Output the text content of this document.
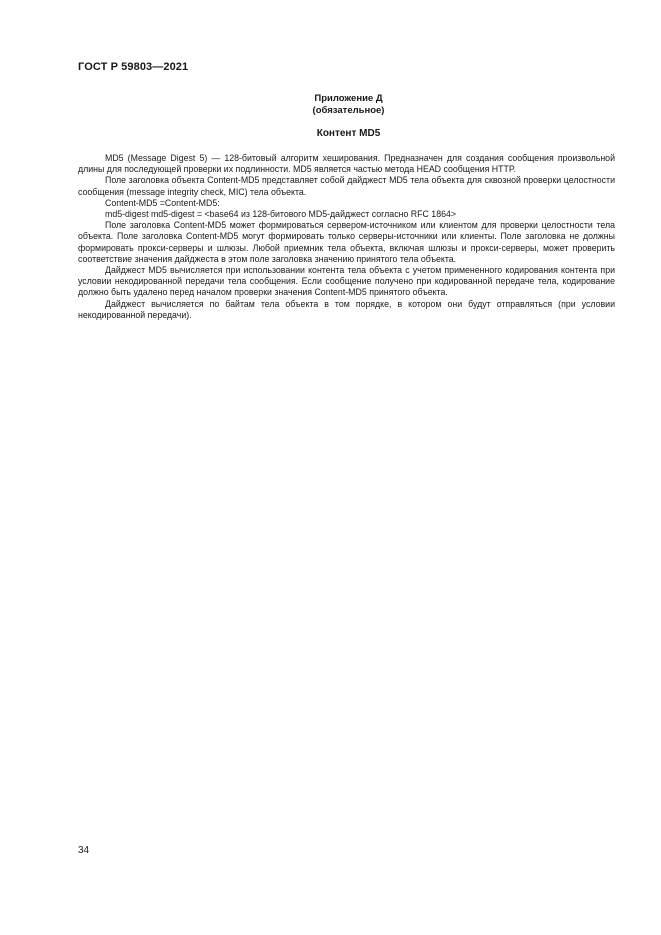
ГОСТ Р 59803—2021
Приложение Д
(обязательное)
Контент MD5

MD5 (Message Digest 5) — 128-битовый алгоритм хеширования. Предназначен для создания сообщения произвольной длины для последующей проверки их подлинности. MD5 является частью метода HEAD сообщения HTTP.

Поле заголовка объекта Content-MD5 представляет собой дайджест MD5 тела объекта для сквозной проверки целостности сообщения (message integrity check, MIC) тела объекта.

Content-MD5 =Content-MD5:

md5-digest md5-digest = <base64 из 128-битового MD5-дайджест согласно RFC 1864>

Поле заголовка Content-MD5 может формироваться сервером-источником или клиентом для проверки целостности тела объекта. Поле заголовка Content-MD5 могут формировать только серверы-источники или клиенты. Поле заголовка не должны формировать прокси-серверы и шлюзы. Любой приемник тела объекта, включая шлюзы и прокси-серверы, может проверить соответствие значения дайджеста в этом поле заголовка значению принятого тела объекта.

Дайджест MD5 вычисляется при использовании контента тела объекта с учетом примененного кодирования контента при условии некодированной передачи тела сообщения. Если сообщение получено при кодированной передаче тела, кодирование должно быть удалено перед началом проверки значения Content-MD5 принятого объекта.

Дайджест вычисляется по байтам тела объекта в том порядке, в котором они будут отправляться (при условии некодированной передачи).

34
